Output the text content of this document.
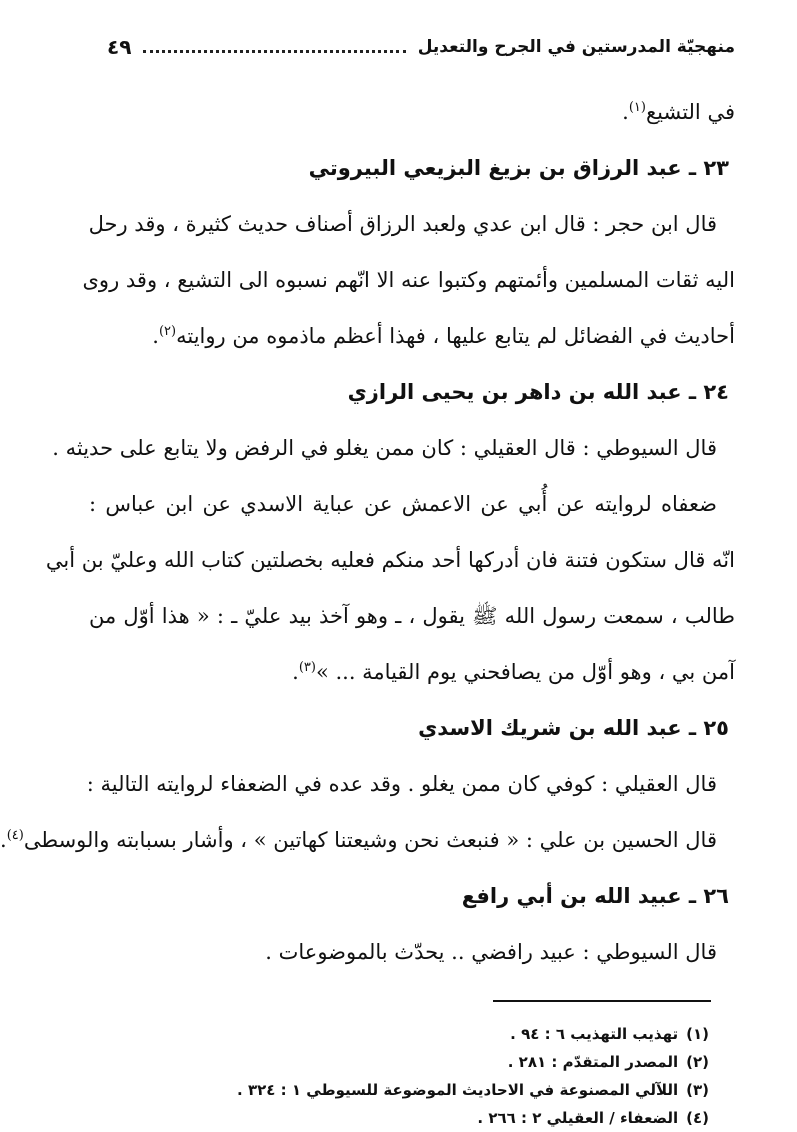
منهجيّة المدرستين في الجرح والتعديل
٤٩
في التشيع$^{(١)}$.
٢٣ ـ عبد الرزاق بن بزيغ البزيعي البيروتي
قال ابن حجر : قال ابن عدي ولعبد الرزاق أصناف حديث كثيرة ، وقد رحل
اليه ثقات المسلمين وأئمتهم وكتبوا عنه الا انّهم نسبوه الى التشيع ، وقد روى
أحاديث في الفضائل لم يتابع عليها ، فهذا أعظم ماذموه من روايته$^{(٢)}$.
٢٤ ـ عبد الله بن داهر بن يحيى الرازي
قال السيوطي : قال العقيلي : كان ممن يغلو في الرفض ولا يتابع على حديثه .
ضعفاه لروايته عن أُبي عن الاعمش عن عباية الاسدي عن ابن عباس :
انّه قال ستكون فتنة فان أدركها أحد منكم فعليه بخصلتين كتاب الله وعليّ بن أبي
طالب ، سمعت رسول الله ﷺ يقول ، ـ وهو آخذ بيد عليّ ـ : « هذا أوّل من
آمن بي ، وهو أوّل من يصافحني يوم القيامة ... »$^{(٣)}$.
٢٥ ـ عبد الله بن شريك الاسدي
قال العقيلي : كوفي كان ممن يغلو . وقد عده في الضعفاء لروايته التالية :
قال الحسين بن علي : « فنبعث نحن وشيعتنا كهاتين » ، وأشار بسبابته والوسطى$^{(٤)}$.
٢٦ ـ عبيد الله بن أبي رافع
قال السيوطي : عبيد رافضي .. يحدّث بالموضوعات .
(١)تهذيب التهذيب ٦ : ٩٤ .
(٢)المصدر المتقدّم : ٢٨١ .
(٣)اللآلي المصنوعة في الاحاديث الموضوعة للسيوطي ١ : ٣٢٤ .
(٤)الضعفاء / العقيلي ٢ : ٢٦٦ .
